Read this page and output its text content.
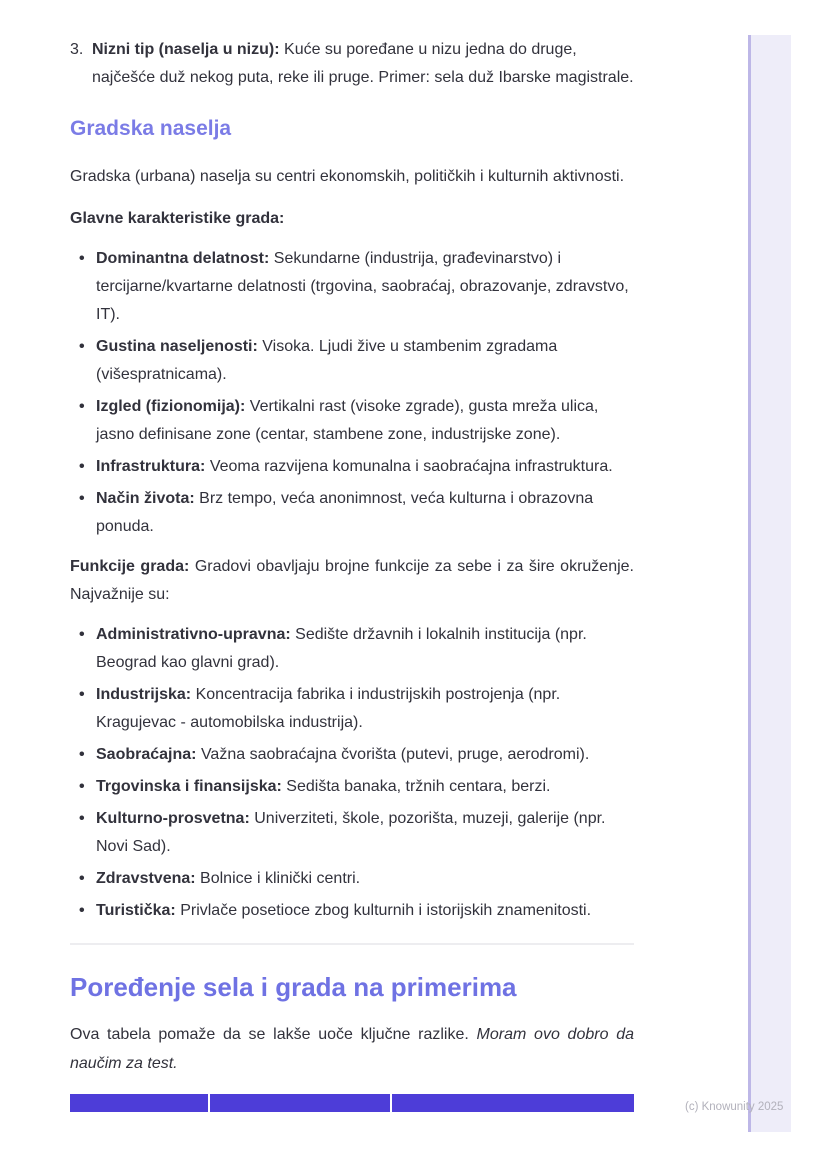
(c) Knowunity 2025
3. Nizni tip (naselja u nizu): Kuće su poređane u nizu jedna do druge, najčešće duž nekog puta, reke ili pruge. Primer: sela duž Ibarske magistrale.
Gradska naselja

Gradska (urbana) naselja su centri ekonomskih, političkih i kulturnih aktivnosti.

Glavne karakteristike grada:

•
Dominantna delatnost: Sekundarne (industrija, građevinarstvo) i tercijarne/kvartarne delatnosti (trgovina, saobraćaj, obrazovanje, zdravstvo, IT).
•
Gustina naseljenosti: Visoka. Ljudi žive u stambenim zgradama (višespratnicama).
•
Izgled (fizionomija): Vertikalni rast (visoke zgrade), gusta mreža ulica, jasno definisane zone (centar, stambene zone, industrijske zone).
•
Infrastruktura: Veoma razvijena komunalna i saobraćajna infrastruktura.
•
Način života: Brz tempo, veća anonimnost, veća kulturna i obrazovna ponuda.

Funkcije grada: Gradovi obavljaju brojne funkcije za sebe i za šire okruženje. Najvažnije su:

•
Administrativno-upravna: Sedište državnih i lokalnih institucija (npr. Beograd kao glavni grad).
•
Industrijska: Koncentracija fabrika i industrijskih postrojenja (npr. Kragujevac - automobilska industrija).
•
Saobraćajna: Važna saobraćajna čvorišta (putevi, pruge, aerodromi).
•
Trgovinska i finansijska: Sedišta banaka, tržnih centara, berzi.
•
Kulturno-prosvetna: Univerziteti, škole, pozorišta, muzeji, galerije (npr. Novi Sad).
•
Zdravstvena: Bolnice i klinički centri.
•
Turistička: Privlače posetioce zbog kulturnih i istorijskih znamenitosti.
Poređenje sela i grada na primerima

Ova tabela pomaže da se lakše uoče ključne razlike. Moram ovo dobro da naučim za test.
